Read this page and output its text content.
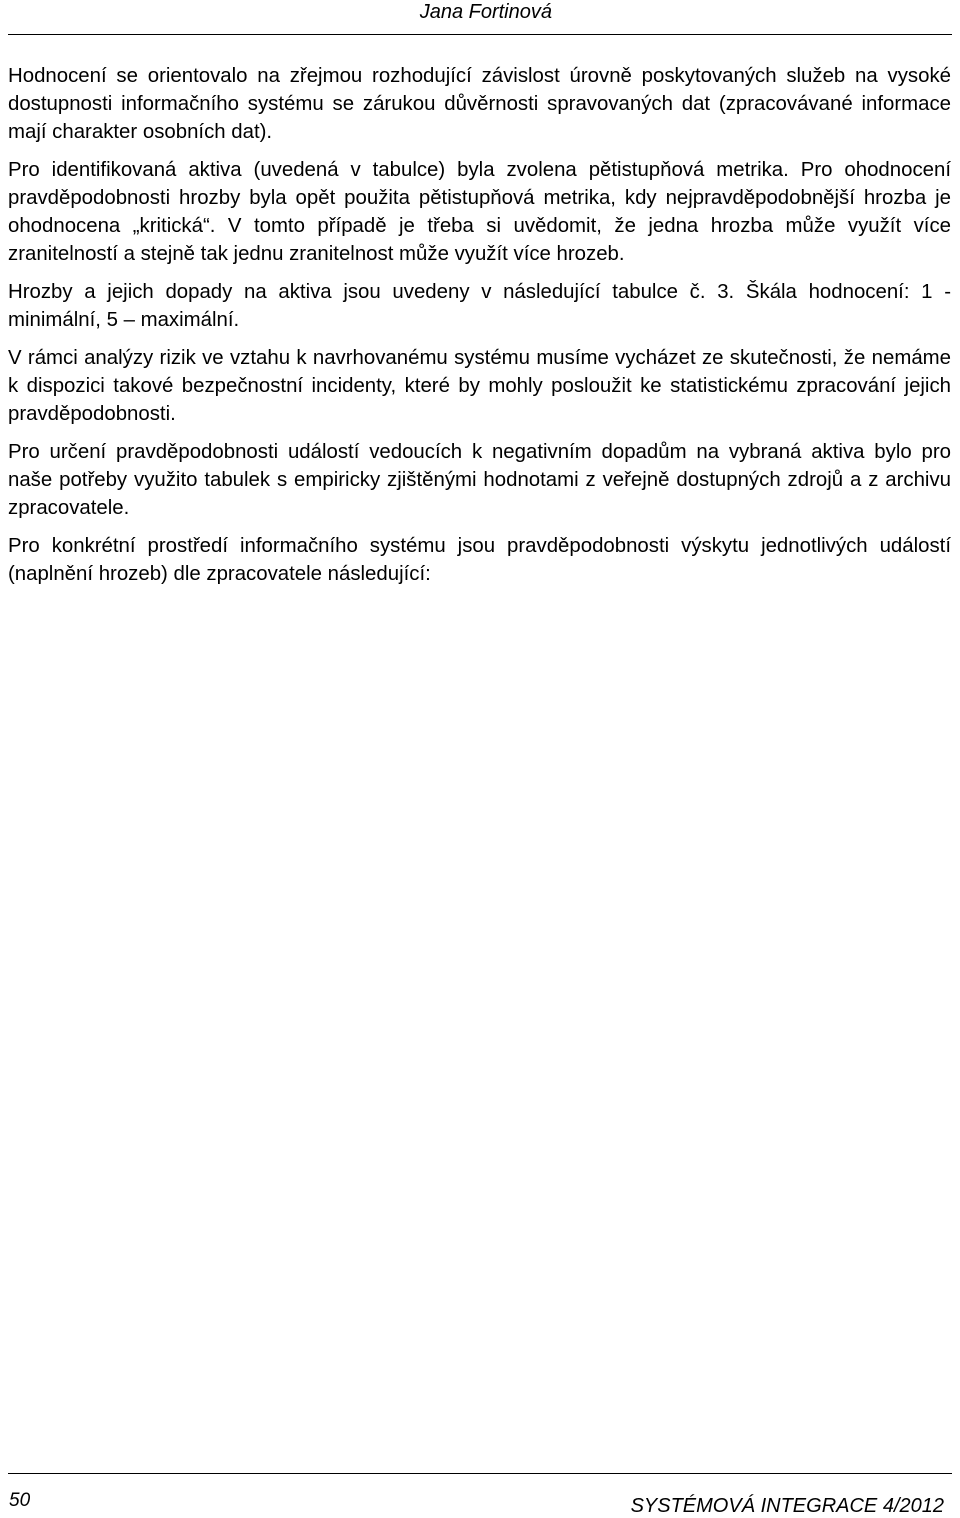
Jana Fortinová

Hodnocení se orientovalo na zřejmou rozhodující závislost úrovně poskytovaných služeb na vysoké dostupnosti informačního systému se zárukou důvěrnosti spravovaných dat (zpracovávané informace mají charakter osobních dat).

Pro identifikovaná aktiva (uvedená v tabulce) byla zvolena pětistupňová metrika. Pro ohodnocení pravděpodobnosti hrozby byla opět použita pětistupňová metrika, kdy nejpravděpodobnější hrozba je ohodnocena „kritická“. V tomto případě je třeba si uvědomit, že jedna hrozba může využít více zranitelností a stejně tak jednu zranitelnost může využít více hrozeb.

Hrozby a jejich dopady na aktiva jsou uvedeny v následující tabulce č. 3. Škála hodnocení: 1 - minimální, 5 – maximální.

V rámci analýzy rizik ve vztahu k navrhovanému systému musíme vycházet ze skutečnosti, že nemáme k dispozici takové bezpečnostní incidenty, které by mohly posloužit ke statistickému zpracování jejich pravděpodobnosti.

Pro určení pravděpodobnosti událostí vedoucích k negativním dopadům na vybraná aktiva bylo pro naše potřeby využito tabulek s empiricky zjištěnými hodnotami z veřejně dostupných zdrojů a z archivu zpracovatele.

Pro konkrétní prostředí informačního systému jsou pravděpodobnosti výskytu jednotlivých událostí (naplnění hrozeb) dle zpracovatele následující:

50	SYSTÉMOVÁ INTEGRACE 4/2012
